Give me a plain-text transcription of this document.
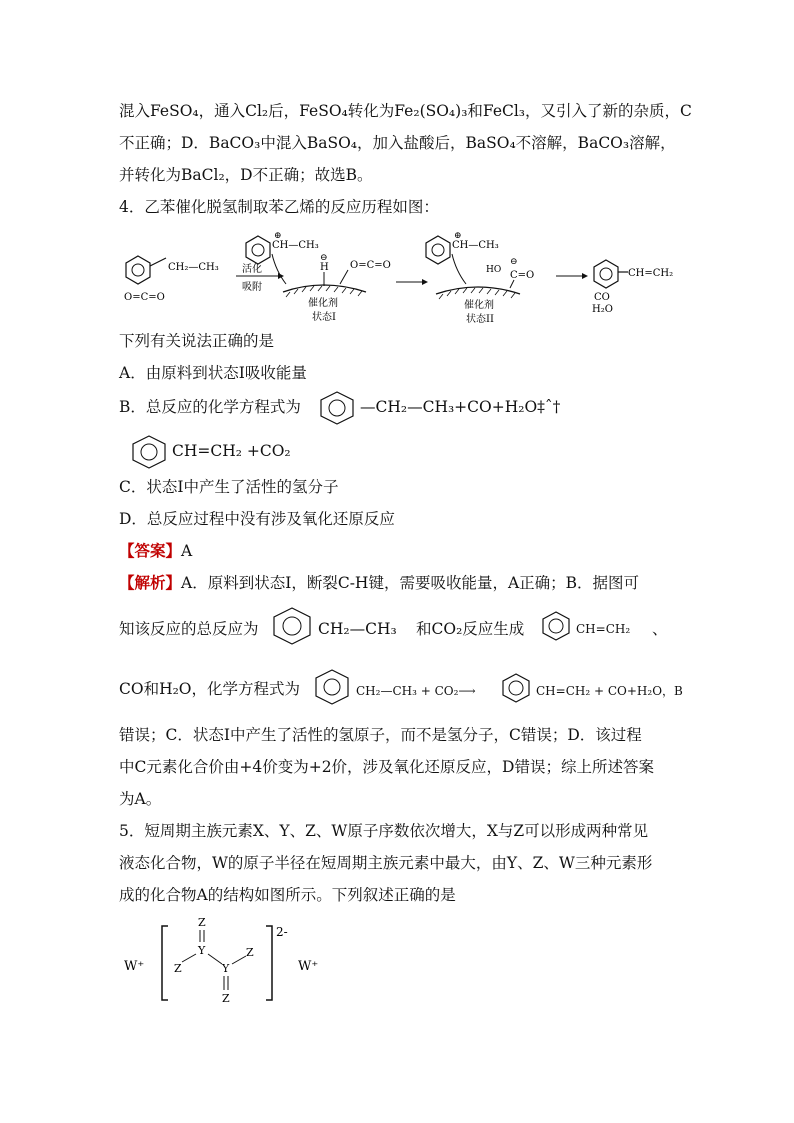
混入FeSO₄，通入Cl₂后，FeSO₄转化为Fe₂(SO₄)₃和FeCl₃，又引入了新的杂质，C
不正确；D．BaCO₃中混入BaSO₄，加入盐酸后，BaSO₄不溶解，BaCO₃溶解，
并转化为BaCl₂，D不正确；故选B。
4．乙苯催化脱氢制取苯乙烯的反应历程如图：
CH₂—CH₃
O=C=O
活化
吸附
⊕
CH—CH₃
⊖
H O=C=O
催化剂
状态I
⊕
CH—CH₃
HO
⊖
C=O
催化剂
状态II
CH=CH₂
CO
H₂O
下列有关说法正确的是
A．由原料到状态I吸收能量
B．总反应的化学方程式为	—CH₂—CH₃+CO+H₂O‡ˆ†
CH=CH₂ +CO₂
C．状态I中产生了活性的氢分子
D．总反应过程中没有涉及氧化还原反应
【答案】A
【解析】A．原料到状态I，断裂C-H键，需要吸收能量，A正确；B．据图可
知该反应的总反应为	CH₂—CH₃ 和CO₂反应生成	CH=CH₂ 、
CO和H₂O，化学方程式为	CH₂—CH₃ + CO₂⟶	CH=CH₂ + CO+H₂O，B
错误；C．状态I中产生了活性的氢原子，而不是氢分子，C错误；D．该过程
中C元素化合价由+4价变为+2价，涉及氧化还原反应，D错误；综上所述答案
为A。
5．短周期主族元素X、Y、Z、W原子序数依次增大，X与Z可以形成两种常见
液态化合物，W的原子半径在短周期主族元素中最大，由Y、Z、W三种元素形
成的化合物A的结构如图所示。下列叙述正确的是
W⁺
2-
W⁺
Z
Y
Z	Y
Z
Z
